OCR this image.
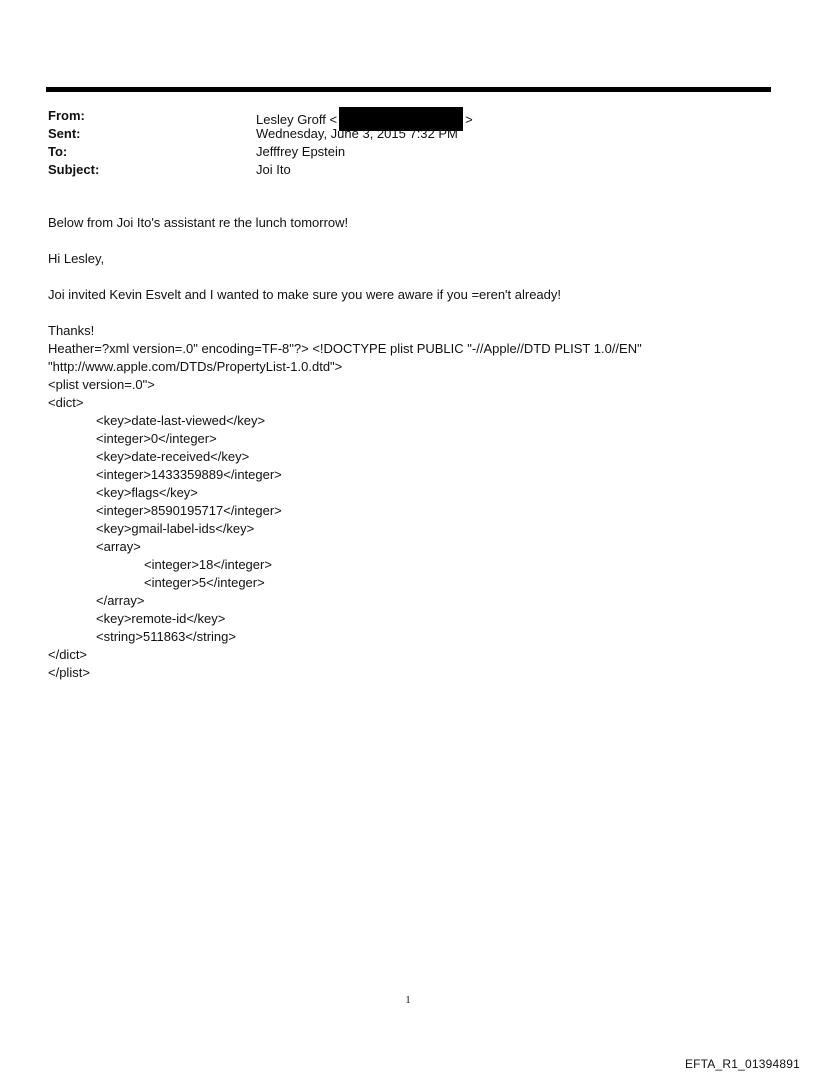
From:	Lesley Groff <	>
Sent:	Wednesday, June 3, 2015 7:32 PM
To:	Jefffrey Epstein
Subject:	Joi Ito

Below from Joi Ito's assistant re the lunch tomorrow!

Hi Lesley,

Joi invited Kevin Esvelt and I wanted to make sure you were aware if you =eren't already!

Thanks!

Heather=?xml version=.0" encoding=TF-8"?> <!DOCTYPE plist PUBLIC "-//Apple//DTD PLIST 1.0//EN"

"http://www.apple.com/DTDs/PropertyList-1.0.dtd">

<plist version=.0">

<dict>

<key>date-last-viewed</key>

<integer>0</integer>

<key>date-received</key>

<integer>1433359889</integer>

<key>flags</key>

<integer>8590195717</integer>

<key>gmail-label-ids</key>

<array>

<integer>18</integer>

<integer>5</integer>

</array>

<key>remote-id</key>

<string>511863</string>

</dict>

</plist>

1
EFTA_R1_01394891
